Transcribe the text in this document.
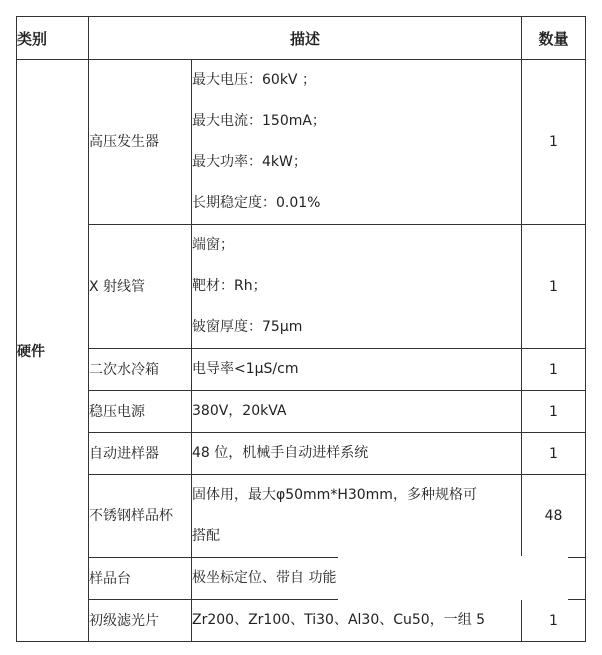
类别	描述		数量
硬件	高压发生器	最大电压：60kV ；
最大电流：150mA；
最大功率：4kW；
长期稳定度：0.01%	1
	X 射线管	端窗；
靶材：Rh；
铍窗厚度：75μm	1
	二次水冷箱	电导率<1μS/cm	1
	稳压电源	380V，20kVA	1
	自动进样器	48 位，机械手自动进样系统	1
	不锈钢样品杯	固体用，最大φ50mm*H30mm，多种规格可
搭配	48
	样品台	极坐标定位、带自 功能

	初级滤光片	Zr200、Zr100、Ti30、Al30、Cu50，一组 5	1
